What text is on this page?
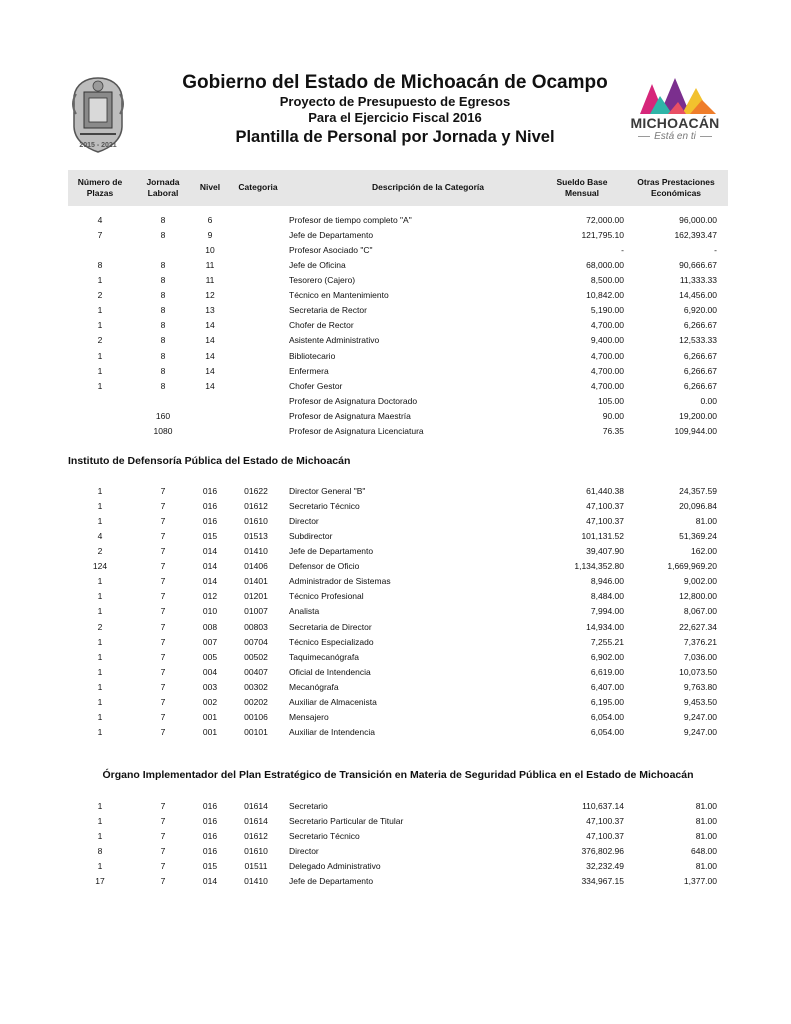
2015 - 2021
Gobierno del Estado de Michoacán de Ocampo
Proyecto de Presupuesto de Egresos
Para el Ejercicio Fiscal 2016
Plantilla de Personal por Jornada y Nivel
MICHOACÁN
Está en ti
Número de Plazas
Jornada Laboral
Nivel	Categoria	Descripción de la Categoría	Sueldo Base Mensual
Otras Prestaciones Económicas
4	8	6	Profesor de tiempo completo "A"	72,000.00	96,000.00
7	8	9	Jefe de Departamento	121,795.10	162,393.47
10	Profesor Asociado "C"	-	-
8	8	11	Jefe de Oficina	68,000.00	90,666.67
1	8	11	Tesorero (Cajero)	8,500.00	11,333.33
2	8	12	Técnico en Mantenimiento	10,842.00	14,456.00
1	8	13	Secretaria de Rector	5,190.00	6,920.00
1	8	14	Chofer de Rector	4,700.00	6,266.67
2	8	14	Asistente Administrativo	9,400.00	12,533.33
1	8	14	Bibliotecario	4,700.00	6,266.67
1	8	14	Enfermera	4,700.00	6,266.67
1	8	14	Chofer Gestor	4,700.00	6,266.67
Profesor de Asignatura Doctorado	105.00	0.00
160	Profesor de Asignatura Maestría	90.00	19,200.00
1080	Profesor de Asignatura Licenciatura	76.35	109,944.00
Instituto de Defensoría Pública del Estado de Michoacán
1	7	016	01622	Director General "B"	61,440.38	24,357.59
1	7	016	01612	Secretario Técnico	47,100.37	20,096.84
1	7	016	01610	Director	47,100.37	81.00
4	7	015	01513	Subdirector	101,131.52	51,369.24
2	7	014	01410	Jefe de Departamento	39,407.90	162.00
124	7	014	01406	Defensor de Oficio	1,134,352.80	1,669,969.20
1	7	014	01401	Administrador de Sistemas	8,946.00	9,002.00
1	7	012	01201	Técnico Profesional	8,484.00	12,800.00
1	7	010	01007	Analista	7,994.00	8,067.00
2	7	008	00803	Secretaria de Director	14,934.00	22,627.34
1	7	007	00704	Técnico Especializado	7,255.21	7,376.21
1	7	005	00502	Taquimecanógrafa	6,902.00	7,036.00
1	7	004	00407	Oficial de Intendencia	6,619.00	10,073.50
1	7	003	00302	Mecanógrafa	6,407.00	9,763.80
1	7	002	00202	Auxiliar de Almacenista	6,195.00	9,453.50
1	7	001	00106	Mensajero	6,054.00	9,247.00
1	7	001	00101	Auxiliar de Intendencia	6,054.00	9,247.00
Órgano Implementador del Plan Estratégico de Transición en Materia de Seguridad Pública en el Estado de Michoacán
1	7	016	01614	Secretario	110,637.14	81.00
1	7	016	01614	Secretario Particular de Titular	47,100.37	81.00
1	7	016	01612	Secretario Técnico	47,100.37	81.00
8	7	016	01610	Director	376,802.96	648.00
1	7	015	01511	Delegado Administrativo	32,232.49	81.00
17	7	014	01410	Jefe de Departamento	334,967.15	1,377.00
